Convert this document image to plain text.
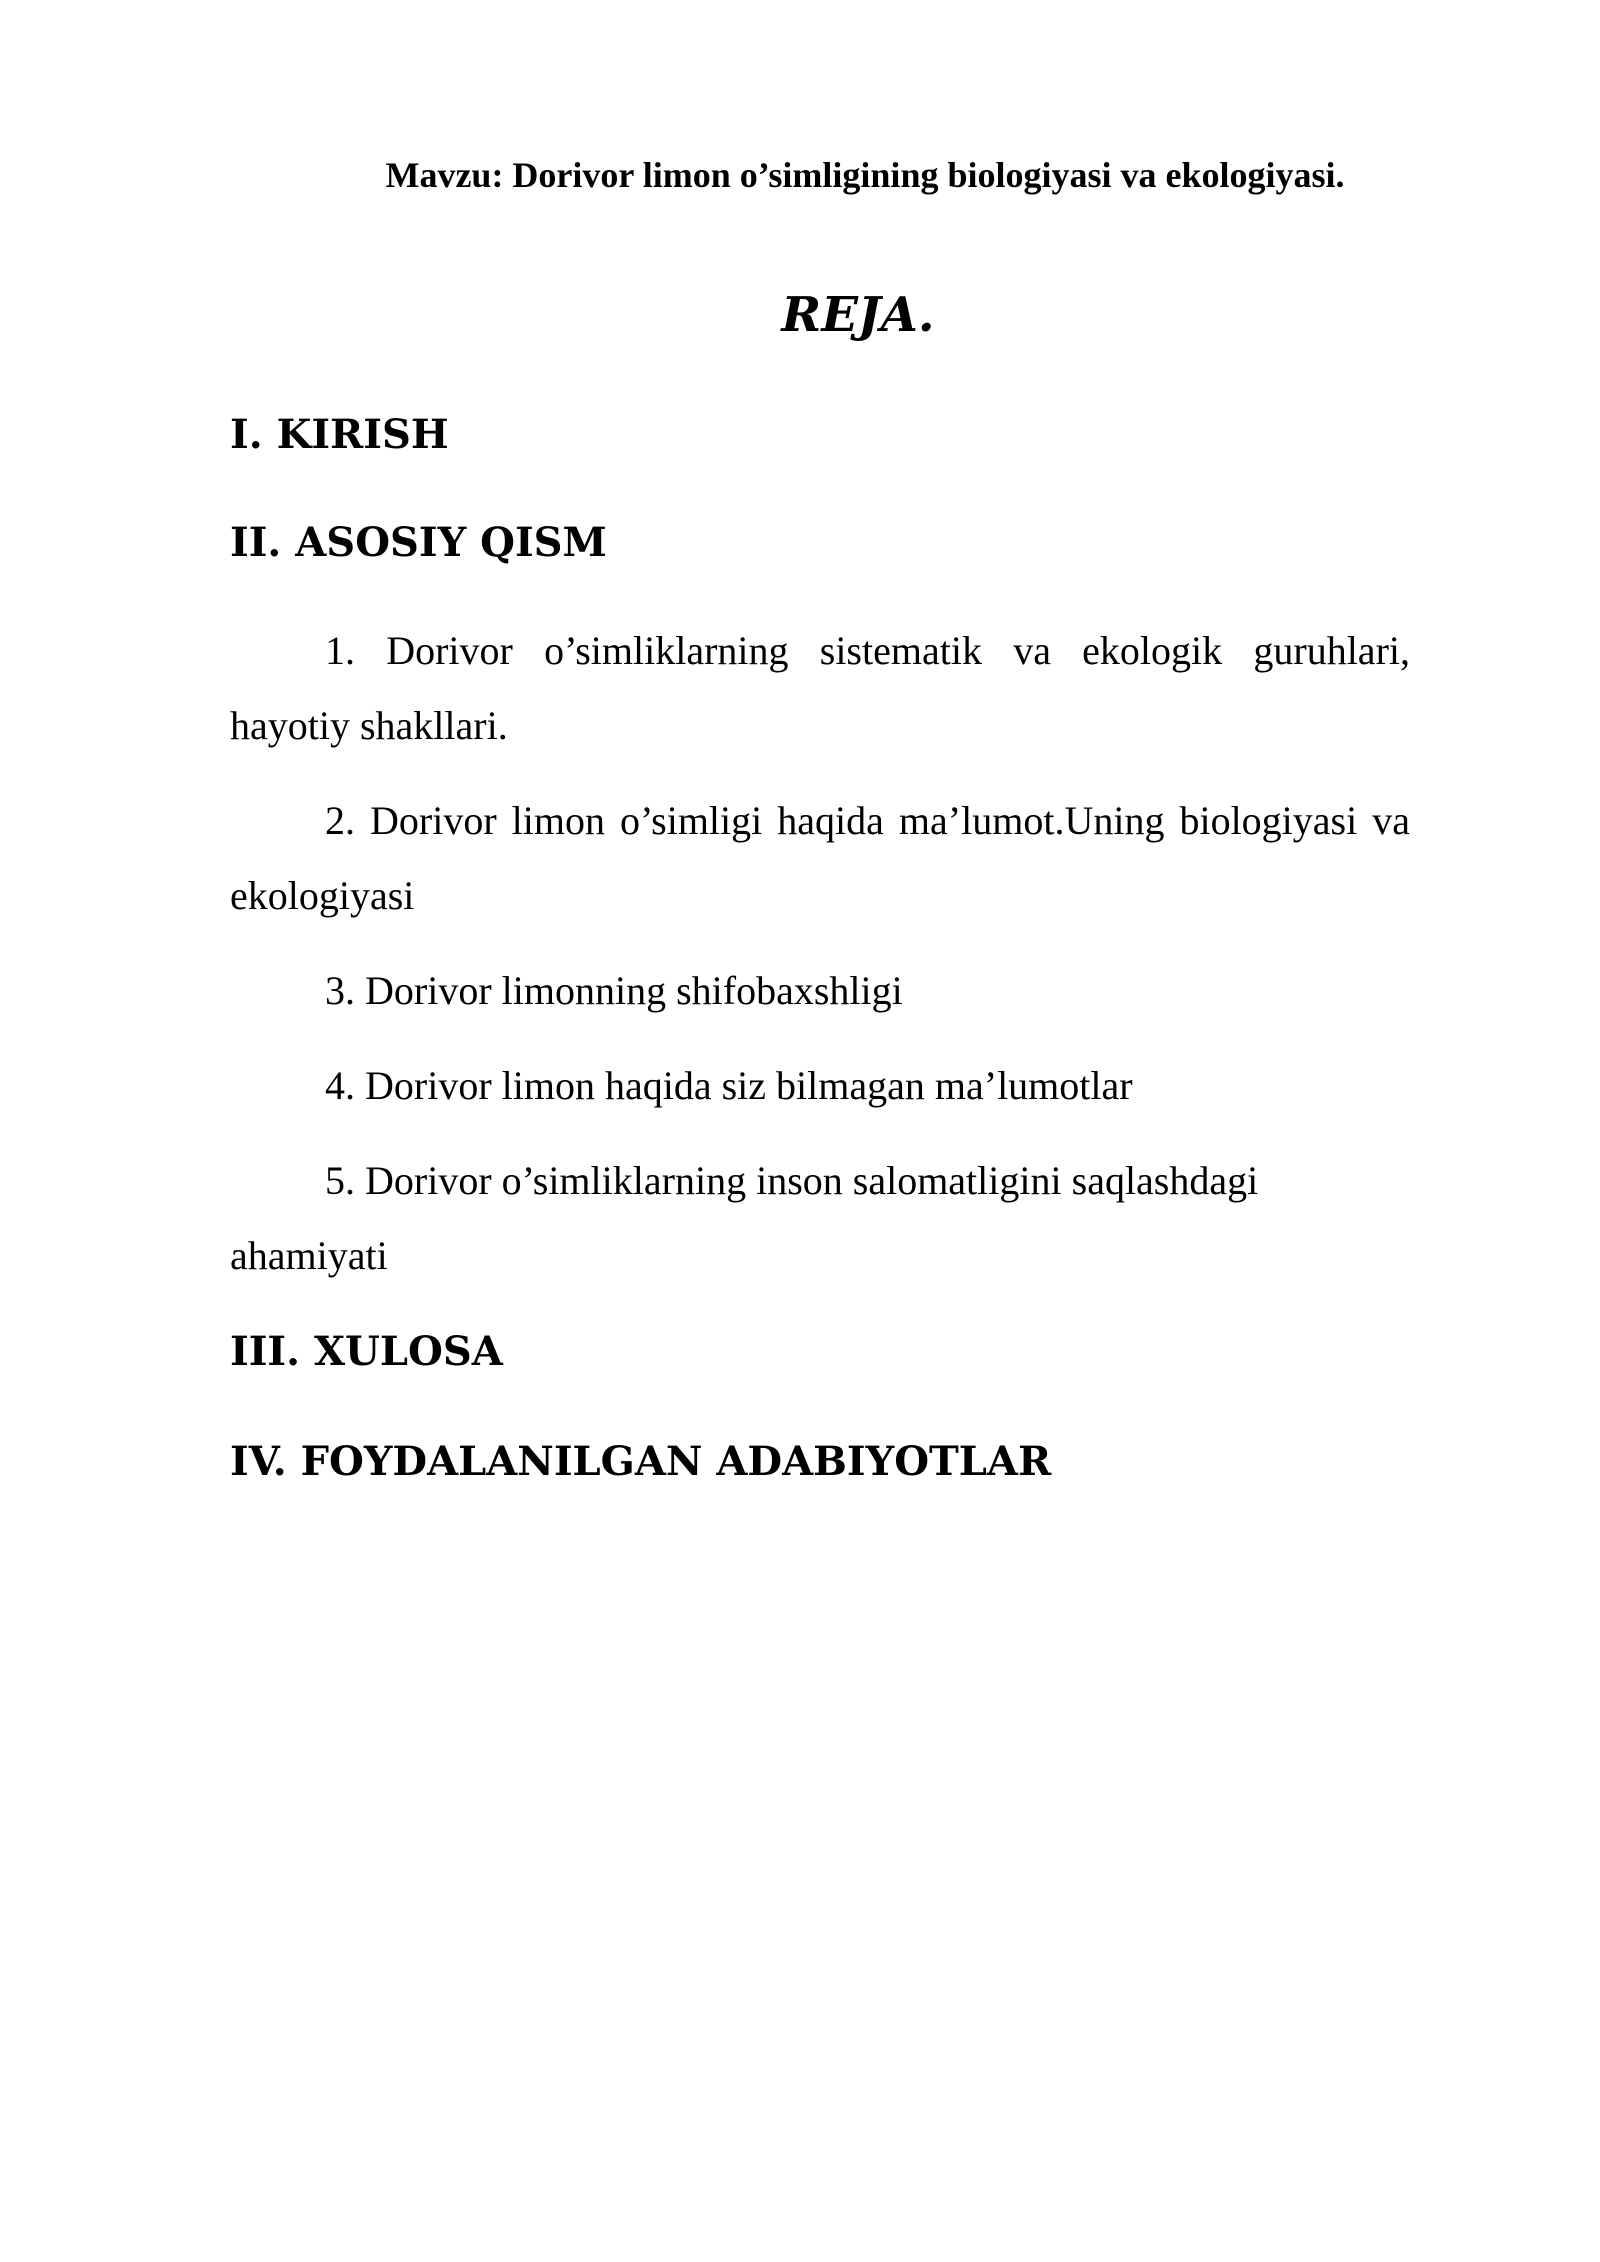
Mavzu: Dorivor limon o’simligining biologiyasi va ekologiyasi.
REJA.
I. KIRISH
II. ASOSIY QISM
1. Dorivor o’simliklarning sistematik va ekologik guruhlari, hayotiy shakllari.
2. Dorivor limon o’simligi haqida ma’lumot.Uning biologiyasi va ekologiyasi
3. Dorivor limonning shifobaxshligi
4. Dorivor limon haqida siz bilmagan ma’lumotlar
5. Dorivor o’simliklarning inson salomatligini saqlashdagi ahamiyati
III. XULOSA
IV. FOYDALANILGAN ADABIYOTLAR
